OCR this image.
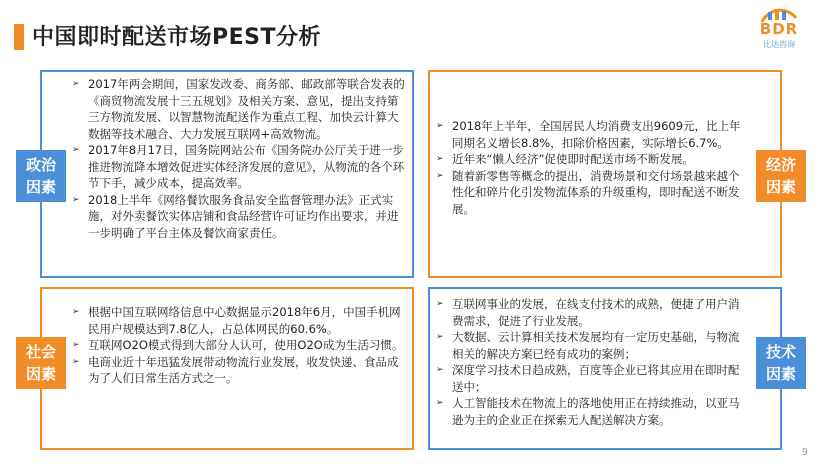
中国即时配送市场PEST分析	BDR
比达咨询
政治
因素
➢ 2017年两会期间，国家发改委、商务部、邮政部等联合发表的《商贸物流发展十三五规划》及相关方案、意见，提出支持第三方物流发展、以智慧物流配送作为重点工程、加快云计算大数据等技术融合、大力发展互联网+高效物流。
➢ 2017年8月17日，国务院网站公布《国务院办公厅关于进一步推进物流降本增效促进实体经济发展的意见》，从物流的各个环节下手，减少成本，提高效率。
➢ 2018上半年《网络餐饮服务食品安全监督管理办法》正式实施，对外卖餐饮实体店铺和食品经营许可证均作出要求，并进一步明确了平台主体及餐饮商家责任。
经济
因素
➢ 2018年上半年，全国居民人均消费支出9609元，比上年同期名义增长8.8%，扣除价格因素，实际增长6.7%。
➢ 近年来“懒人经济”促使即时配送市场不断发展。
➢ 随着新零售等概念的提出，消费场景和交付场景越来越个性化和碎片化引发物流体系的升级重构，即时配送不断发展。
社会
因素
➢ 根据中国互联网络信息中心数据显示2018年6月，中国手机网民用户规模达到7.8亿人，占总体网民的60.6%。
➢ 互联网O2O模式得到大部分人认可，使用O2O成为生活习惯。
➢ 电商业近十年迅猛发展带动物流行业发展，收发快递、食品成为了人们日常生活方式之一。
技术
因素
➢ 互联网事业的发展，在线支付技术的成熟，便捷了用户消费需求，促进了行业发展。
➢ 大数据、云计算相关技术发展均有一定历史基础，与物流相关的解决方案已经有成功的案例；
➢ 深度学习技术日趋成熟，百度等企业已将其应用在即时配送中；
➢ 人工智能技术在物流上的落地使用正在持续推动，以亚马逊为主的企业正在探索无人配送解决方案。
9
